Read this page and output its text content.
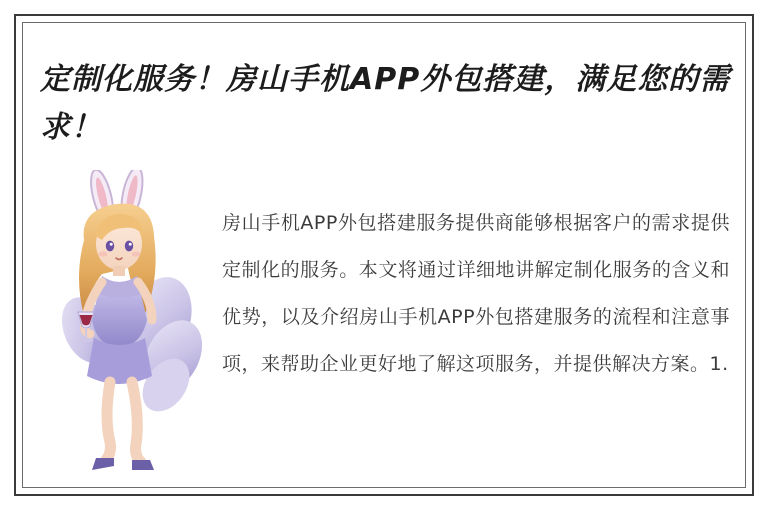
定制化服务！房山手机APP外包搭建，满足您的需求！
房山手机APP外包搭建服务提供商能够根据客户的需求提供定制化的服务。本文将通过详细地讲解定制化服务的含义和优势，以及介绍房山手机APP外包搭建服务的流程和注意事项，来帮助企业更好地了解这项服务，并提供解决方案。1.
